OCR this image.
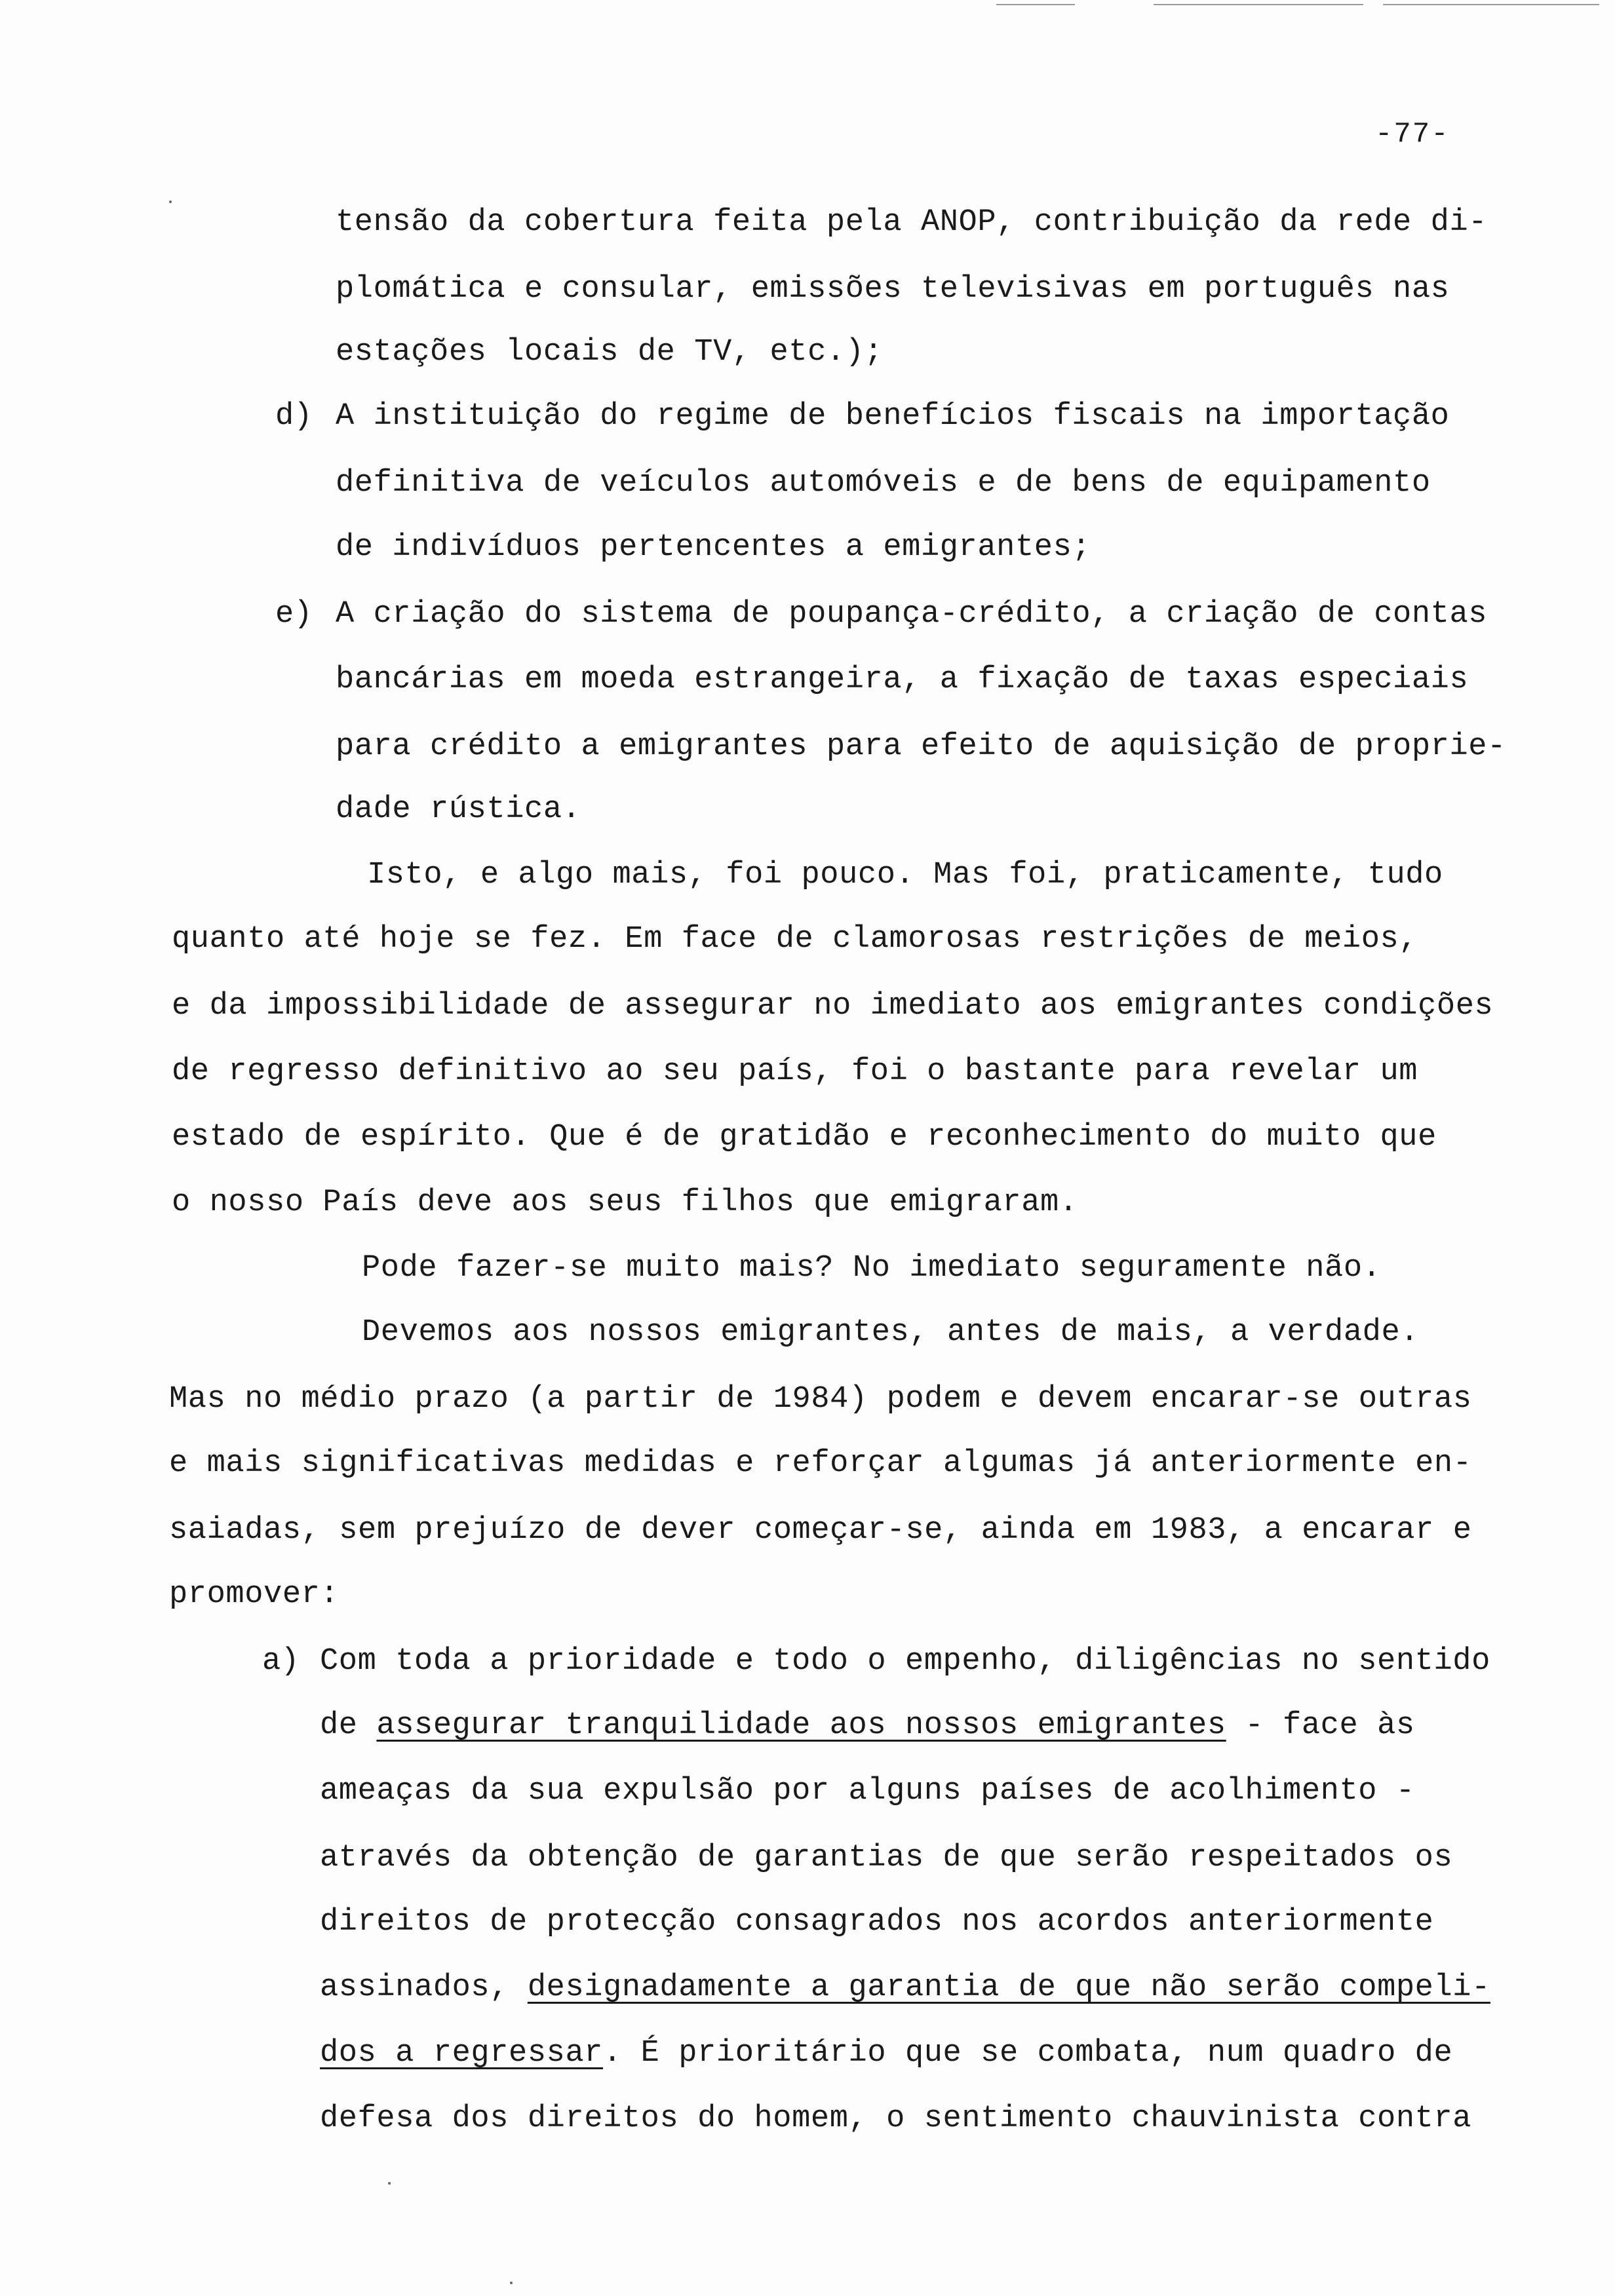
-77-
tensão da cobertura feita pela ANOP, contribuição da rede di-
plomática e consular, emissões televisivas em português nas
estações locais de TV, etc.);
d) A instituição do regime de benefícios fiscais na importação
definitiva de veículos automóveis e de bens de equipamento
de indivíduos pertencentes a emigrantes;
e) A criação do sistema de poupança-crédito, a criação de contas
bancárias em moeda estrangeira, a fixação de taxas especiais
para crédito a emigrantes para efeito de aquisição de proprie-
dade rústica.
Isto, e algo mais, foi pouco. Mas foi, praticamente, tudo
quanto até hoje se fez. Em face de clamorosas restrições de meios,
e da impossibilidade de assegurar no imediato aos emigrantes condições
de regresso definitivo ao seu país, foi o bastante para revelar um
estado de espírito. Que é de gratidão e reconhecimento do muito que
o nosso País deve aos seus filhos que emigraram.
Pode fazer-se muito mais? No imediato seguramente não.
Devemos aos nossos emigrantes, antes de mais, a verdade.
Mas no médio prazo (a partir de 1984) podem e devem encarar-se outras
e mais significativas medidas e reforçar algumas já anteriormente en-
saiadas, sem prejuízo de dever começar-se, ainda em 1983, a encarar e
promover:
a) Com toda a prioridade e todo o empenho, diligências no sentido
de assegurar tranquilidade aos nossos emigrantes - face às
ameaças da sua expulsão por alguns países de acolhimento -
através da obtenção de garantias de que serão respeitados os
direitos de protecção consagrados nos acordos anteriormente
assinados, designadamente a garantia de que não serão compeli-
dos a regressar. É prioritário que se combata, num quadro de
defesa dos direitos do homem, o sentimento chauvinista contra
